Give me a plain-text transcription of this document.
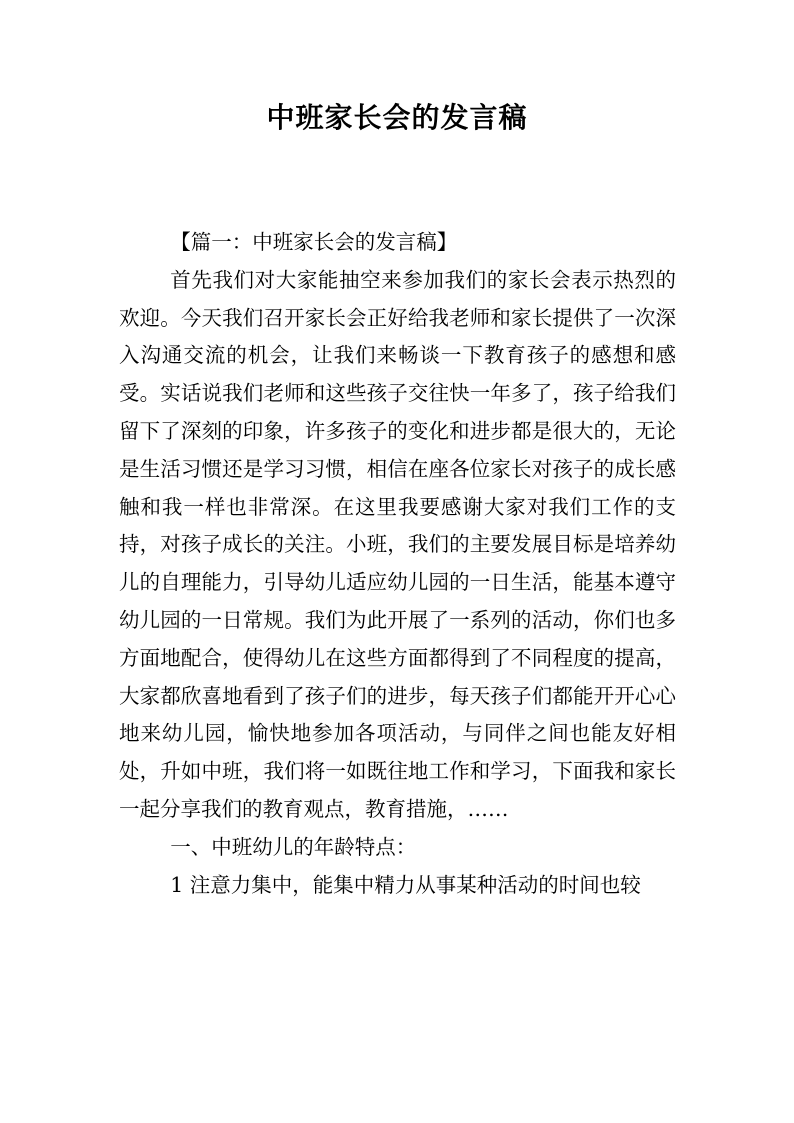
中班家长会的发言稿

【篇一：中班家长会的发言稿】

首先我们对大家能抽空来参加我们的家长会表示热烈的欢迎。今天我们召开家长会正好给我老师和家长提供了一次深入沟通交流的机会，让我们来畅谈一下教育孩子的感想和感受。实话说我们老师和这些孩子交往快一年多了，孩子给我们留下了深刻的印象，许多孩子的变化和进步都是很大的，无论是生活习惯还是学习习惯，相信在座各位家长对孩子的成长感触和我一样也非常深。在这里我要感谢大家对我们工作的支持，对孩子成长的关注。小班，我们的主要发展目标是培养幼儿的自理能力，引导幼儿适应幼儿园的一日生活，能基本遵守幼儿园的一日常规。我们为此开展了一系列的活动，你们也多方面地配合，使得幼儿在这些方面都得到了不同程度的提高，大家都欣喜地看到了孩子们的进步，每天孩子们都能开开心心地来幼儿园，愉快地参加各项活动，与同伴之间也能友好相处，升如中班，我们将一如既往地工作和学习，下面我和家长一起分享我们的教育观点，教育措施，……

一、中班幼儿的年龄特点：

1 注意力集中，能集中精力从事某种活动的时间也较
